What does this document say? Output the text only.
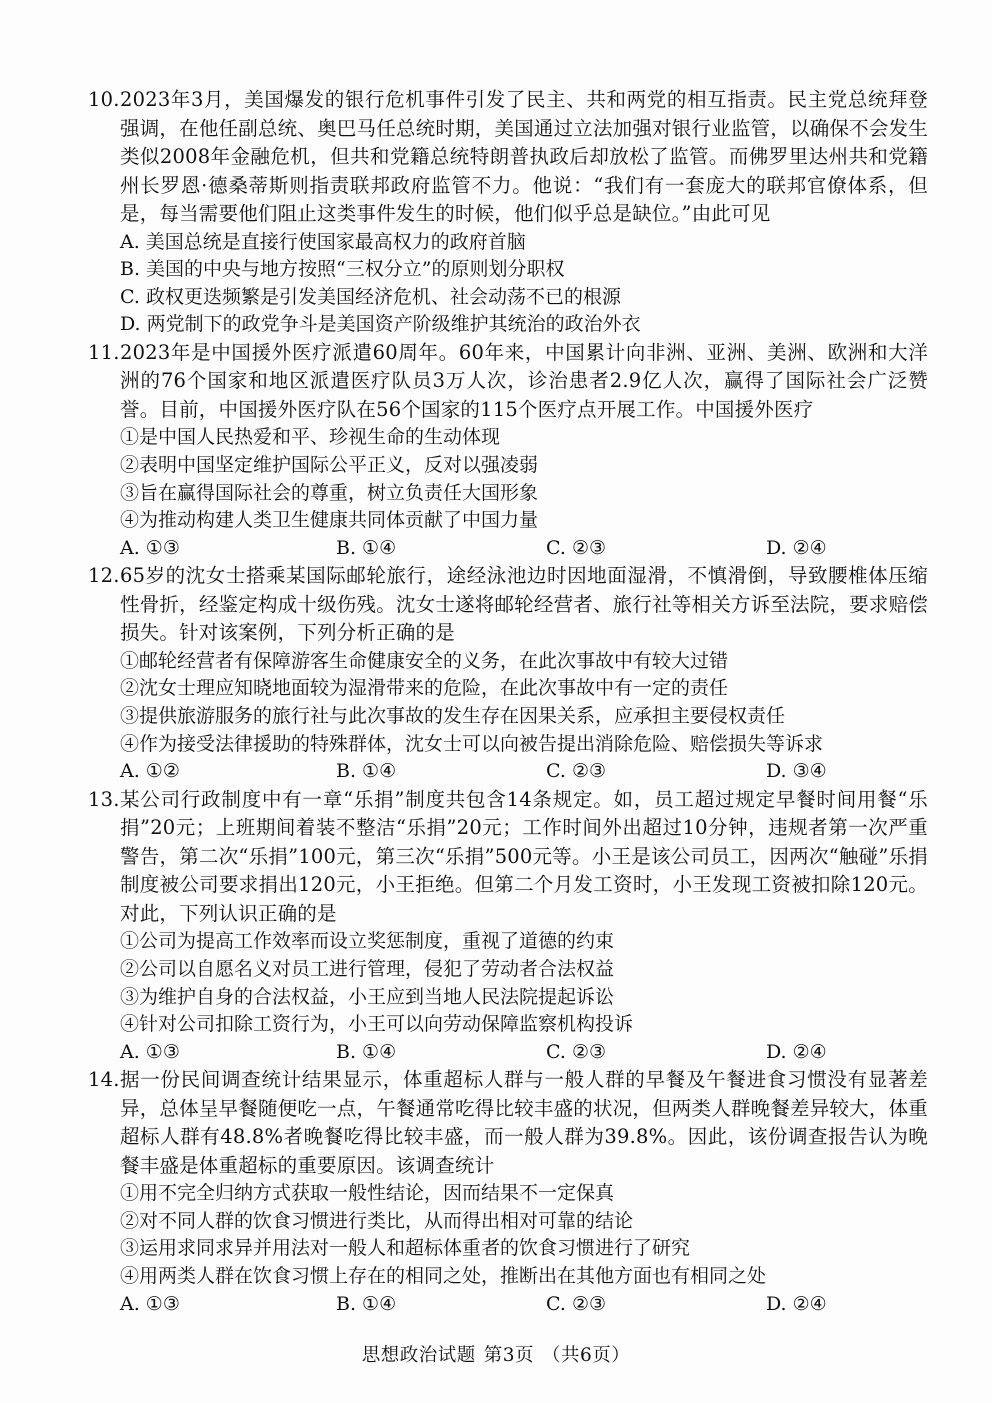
10. 2023年3月，美国爆发的银行危机事件引发了民主、共和两党的相互指责。民主党总统拜登强调，在他任副总统、奥巴马任总统时期，美国通过立法加强对银行业监管，以确保不会发生类似2008年金融危机，但共和党籍总统特朗普执政后却放松了监管。而佛罗里达州共和党籍州长罗恩·德桑蒂斯则指责联邦政府监管不力。他说：“我们有一套庞大的联邦官僚体系，但是，每当需要他们阻止这类事件发生的时候，他们似乎总是缺位。”由此可见
A. 美国总统是直接行使国家最高权力的政府首脑
B. 美国的中央与地方按照“三权分立”的原则划分职权
C. 政权更迭频繁是引发美国经济危机、社会动荡不已的根源
D. 两党制下的政党争斗是美国资产阶级维护其统治的政治外衣
11. 2023年是中国援外医疗派遣60周年。60年来，中国累计向非洲、亚洲、美洲、欧洲和大洋洲的76个国家和地区派遣医疗队员3万人次，诊治患者2.9亿人次，赢得了国际社会广泛赞誉。目前，中国援外医疗队在56个国家的115个医疗点开展工作。中国援外医疗
①是中国人民热爱和平、珍视生命的生动体现
②表明中国坚定维护国际公平正义，反对以强凌弱
③旨在赢得国际社会的尊重，树立负责任大国形象
④为推动构建人类卫生健康共同体贡献了中国力量
A. ①③	B. ①④	C. ②③	D. ②④
12. 65岁的沈女士搭乘某国际邮轮旅行，途经泳池边时因地面湿滑，不慎滑倒，导致腰椎体压缩性骨折，经鉴定构成十级伤残。沈女士遂将邮轮经营者、旅行社等相关方诉至法院，要求赔偿损失。针对该案例，下列分析正确的是
①邮轮经营者有保障游客生命健康安全的义务，在此次事故中有较大过错
②沈女士理应知晓地面较为湿滑带来的危险，在此次事故中有一定的责任
③提供旅游服务的旅行社与此次事故的发生存在因果关系，应承担主要侵权责任
④作为接受法律援助的特殊群体，沈女士可以向被告提出消除危险、赔偿损失等诉求
A. ①②	B. ①④	C. ②③	D. ③④
13. 某公司行政制度中有一章“乐捐”制度共包含14条规定。如，员工超过规定早餐时间用餐“乐捐”20元；上班期间着装不整洁“乐捐”20元；工作时间外出超过10分钟，违规者第一次严重警告，第二次“乐捐”100元，第三次“乐捐”500元等。小王是该公司员工，因两次“触碰”乐捐制度被公司要求捐出120元，小王拒绝。但第二个月发工资时，小王发现工资被扣除120元。对此，下列认识正确的是
①公司为提高工作效率而设立奖惩制度，重视了道德的约束
②公司以自愿名义对员工进行管理，侵犯了劳动者合法权益
③为维护自身的合法权益，小王应到当地人民法院提起诉讼
④针对公司扣除工资行为，小王可以向劳动保障监察机构投诉
A. ①③	B. ①④	C. ②③	D. ②④
14. 据一份民间调查统计结果显示，体重超标人群与一般人群的早餐及午餐进食习惯没有显著差异，总体呈早餐随便吃一点，午餐通常吃得比较丰盛的状况，但两类人群晚餐差异较大，体重超标人群有48.8%者晚餐吃得比较丰盛，而一般人群为39.8%。因此，该份调查报告认为晚餐丰盛是体重超标的重要原因。该调查统计
①用不完全归纳方式获取一般性结论，因而结果不一定保真
②对不同人群的饮食习惯进行类比，从而得出相对可靠的结论
③运用求同求异并用法对一般人和超标体重者的饮食习惯进行了研究
④用两类人群在饮食习惯上存在的相同之处，推断出在其他方面也有相同之处
A. ①③	B. ①④	C. ②③	D. ②④
思想政治试题 第3页 （共6页）
